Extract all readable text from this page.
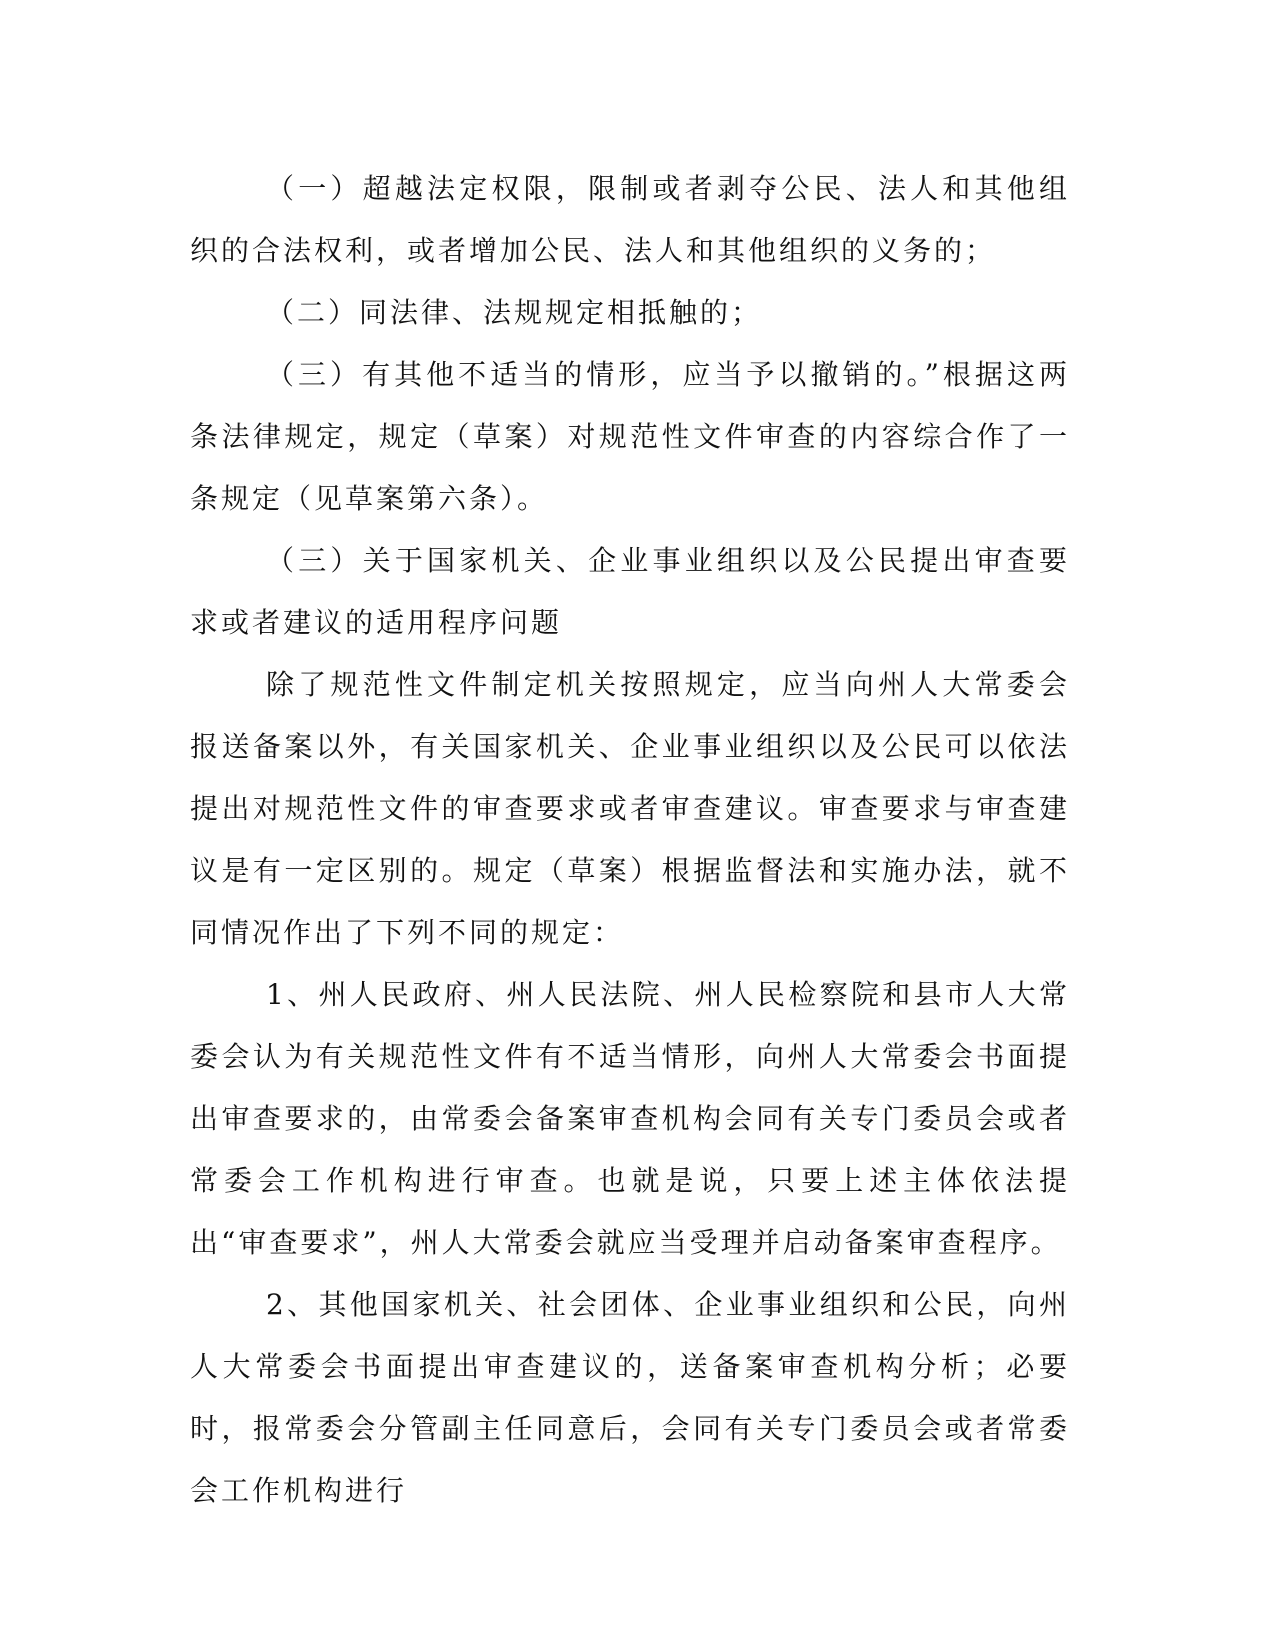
（一）超越法定权限，限制或者剥夺公民、法人和其他组织的合法权利，或者增加公民、法人和其他组织的义务的；

（二）同法律、法规规定相抵触的；

（三）有其他不适当的情形，应当予以撤销的。”根据这两条法律规定，规定（草案）对规范性文件审查的内容综合作了一条规定（见草案第六条）。

（三）关于国家机关、企业事业组织以及公民提出审查要求或者建议的适用程序问题

除了规范性文件制定机关按照规定，应当向州人大常委会报送备案以外，有关国家机关、企业事业组织以及公民可以依法提出对规范性文件的审查要求或者审查建议。审查要求与审查建议是有一定区别的。规定（草案）根据监督法和实施办法，就不同情况作出了下列不同的规定：

1、州人民政府、州人民法院、州人民检察院和县市人大常委会认为有关规范性文件有不适当情形，向州人大常委会书面提出审查要求的，由常委会备案审查机构会同有关专门委员会或者常委会工作机构进行审查。也就是说，只要上述主体依法提出“审查要求”，州人大常委会就应当受理并启动备案审查程序。

2、其他国家机关、社会团体、企业事业组织和公民，向州人大常委会书面提出审查建议的，送备案审查机构分析；必要时，报常委会分管副主任同意后，会同有关专门委员会或者常委会工作机构进行
